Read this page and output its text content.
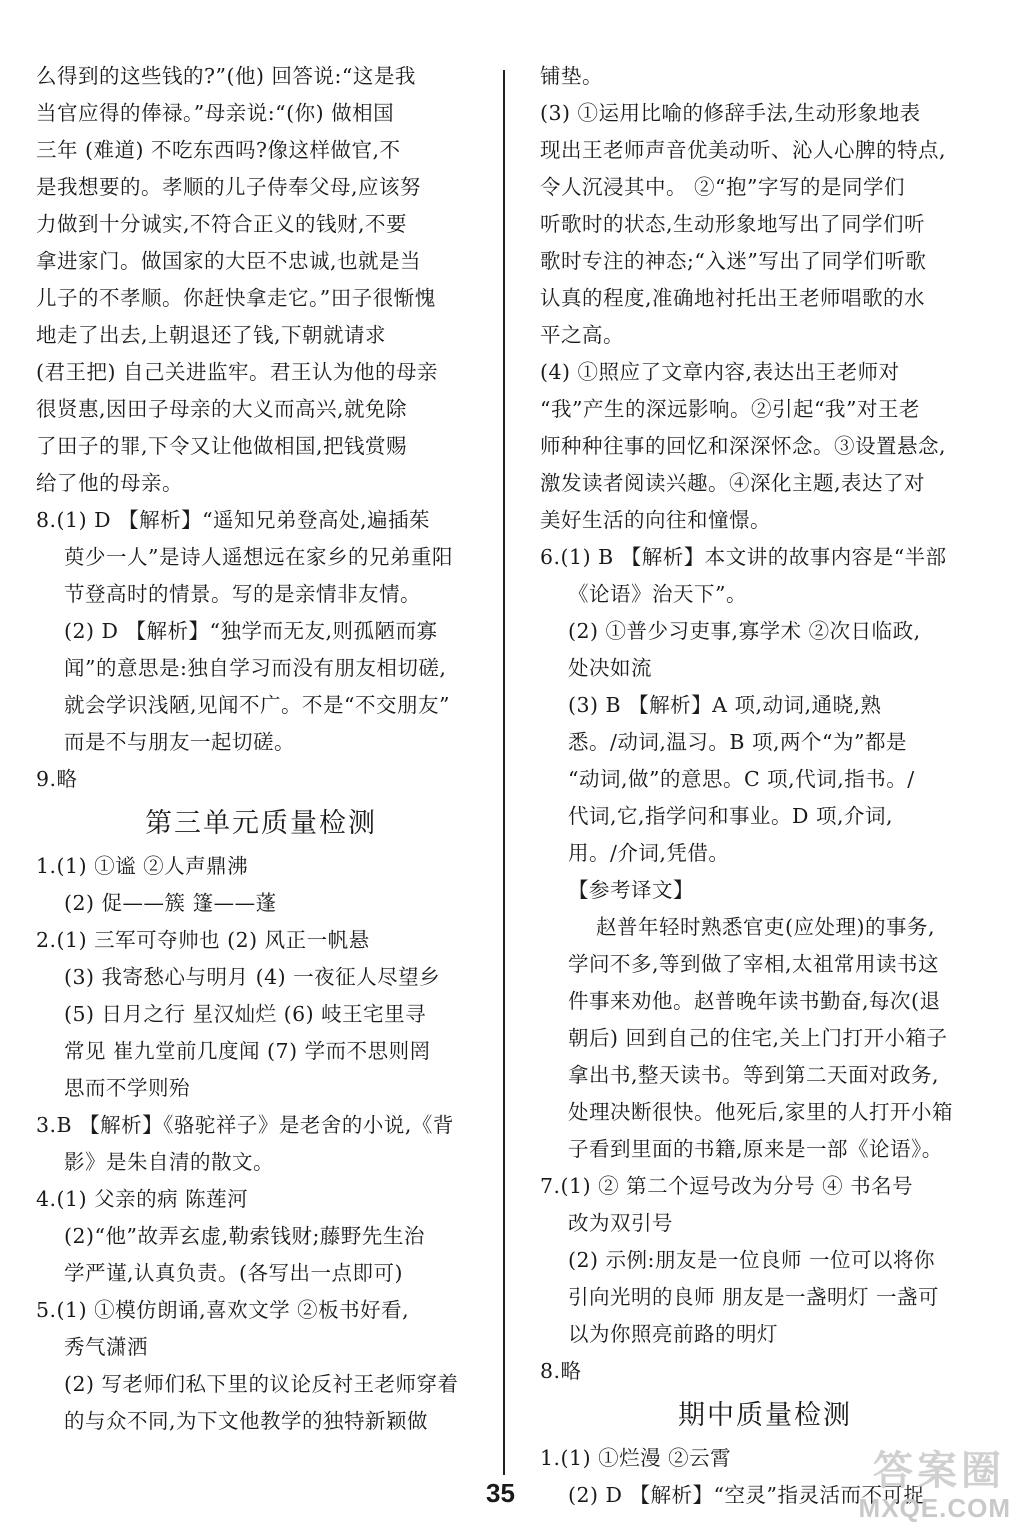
么得到的这些钱的?”(他) 回答说:“这是我
当官应得的俸禄。”母亲说:“(你) 做相国
三年 (难道) 不吃东西吗?像这样做官,不
是我想要的。孝顺的儿子侍奉父母,应该努
力做到十分诚实,不符合正义的钱财,不要
拿进家门。做国家的大臣不忠诚,也就是当
儿子的不孝顺。你赶快拿走它。”田子很惭愧
地走了出去,上朝退还了钱,下朝就请求
(君王把) 自己关进监牢。君王认为他的母亲
很贤惠,因田子母亲的大义而高兴,就免除
了田子的罪,下令又让他做相国,把钱赏赐
给了他的母亲。
8.(1) D 【解析】“遥知兄弟登高处,遍插茱
萸少一人”是诗人遥想远在家乡的兄弟重阳
节登高时的情景。写的是亲情非友情。
(2) D 【解析】“独学而无友,则孤陋而寡
闻”的意思是:独自学习而没有朋友相切磋,
就会学识浅陋,见闻不广。不是“不交朋友”
而是不与朋友一起切磋。
9.略
第三单元质量检测
1.(1) ①谧 ②人声鼎沸
(2) 促——簇 篷——蓬
2.(1) 三军可夺帅也 (2) 风正一帆悬
(3) 我寄愁心与明月 (4) 一夜征人尽望乡
(5) 日月之行 星汉灿烂 (6) 岐王宅里寻
常见 崔九堂前几度闻 (7) 学而不思则罔
思而不学则殆
3.B 【解析】《骆驼祥子》是老舍的小说,《背
影》是朱自清的散文。
4.(1) 父亲的病 陈莲河
(2)“他”故弄玄虚,勒索钱财;藤野先生治
学严谨,认真负责。(各写出一点即可)
5.(1) ①模仿朗诵,喜欢文学 ②板书好看,
秀气潇洒
(2) 写老师们私下里的议论反衬王老师穿着
的与众不同,为下文他教学的独特新颖做
铺垫。
(3) ①运用比喻的修辞手法,生动形象地表
现出王老师声音优美动听、沁人心脾的特点,
令人沉浸其中。 ②“抱”字写的是同学们
听歌时的状态,生动形象地写出了同学们听
歌时专注的神态;“入迷”写出了同学们听歌
认真的程度,准确地衬托出王老师唱歌的水
平之高。
(4) ①照应了文章内容,表达出王老师对
“我”产生的深远影响。②引起“我”对王老
师种种往事的回忆和深深怀念。③设置悬念,
激发读者阅读兴趣。④深化主题,表达了对
美好生活的向往和憧憬。
6.(1) B 【解析】本文讲的故事内容是“半部
《论语》治天下”。
(2) ①普少习吏事,寡学术 ②次日临政,
处决如流
(3) B 【解析】A 项,动词,通晓,熟
悉。/动词,温习。B 项,两个“为”都是
“动词,做”的意思。C 项,代词,指书。/
代词,它,指学问和事业。D 项,介词,
用。/介词,凭借。
【参考译文】
赵普年轻时熟悉官吏(应处理)的事务,
学问不多,等到做了宰相,太祖常用读书这
件事来劝他。赵普晚年读书勤奋,每次(退
朝后) 回到自己的住宅,关上门打开小箱子
拿出书,整天读书。等到第二天面对政务,
处理决断很快。他死后,家里的人打开小箱
子看到里面的书籍,原来是一部《论语》。
7.(1) ② 第二个逗号改为分号 ④ 书名号
改为双引号
(2) 示例:朋友是一位良师 一位可以将你
引向光明的良师 朋友是一盏明灯 一盏可
以为你照亮前路的明灯
8.略
期中质量检测
1.(1) ①烂漫 ②云霄
(2) D 【解析】“空灵”指灵活而不可捉
35	答案圈
MXQE.COM
